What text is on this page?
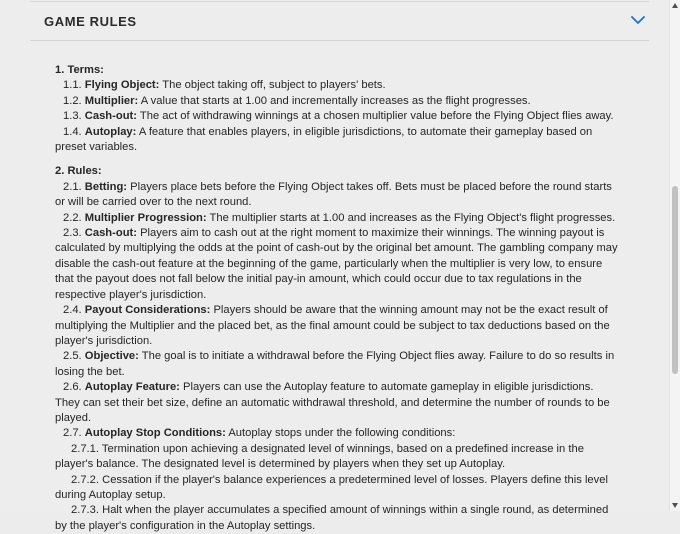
GAME RULES

1. Terms:

1.1. Flying Object: The object taking off, subject to players' bets.

1.2. Multiplier: A value that starts at 1.00 and incrementally increases as the flight progresses.

1.3. Cash-out: The act of withdrawing winnings at a chosen multiplier value before the Flying Object flies away.

1.4. Autoplay: A feature that enables players, in eligible jurisdictions, to automate their gameplay based on preset variables.

2. Rules:

2.1. Betting: Players place bets before the Flying Object takes off. Bets must be placed before the round starts or will be carried over to the next round.

2.2. Multiplier Progression: The multiplier starts at 1.00 and increases as the Flying Object's flight progresses.

2.3. Cash-out: Players aim to cash out at the right moment to maximize their winnings. The winning payout is calculated by multiplying the odds at the point of cash-out by the original bet amount. The gambling company may disable the cash-out feature at the beginning of the game, particularly when the multiplier is very low, to ensure that the payout does not fall below the initial pay-in amount, which could occur due to tax regulations in the respective player's jurisdiction.

2.4. Payout Considerations: Players should be aware that the winning amount may not be the exact result of multiplying the Multiplier and the placed bet, as the final amount could be subject to tax deductions based on the player's jurisdiction.

2.5. Objective: The goal is to initiate a withdrawal before the Flying Object flies away. Failure to do so results in losing the bet.

2.6. Autoplay Feature: Players can use the Autoplay feature to automate gameplay in eligible jurisdictions. They can set their bet size, define an automatic withdrawal threshold, and determine the number of rounds to be played.

2.7. Autoplay Stop Conditions: Autoplay stops under the following conditions:

2.7.1. Termination upon achieving a designated level of winnings, based on a predefined increase in the player's balance. The designated level is determined by players when they set up Autoplay.

2.7.2. Cessation if the player's balance experiences a predetermined level of losses. Players define this level during Autoplay setup.

2.7.3. Halt when the player accumulates a specified amount of winnings within a single round, as determined by the player's configuration in the Autoplay settings.
